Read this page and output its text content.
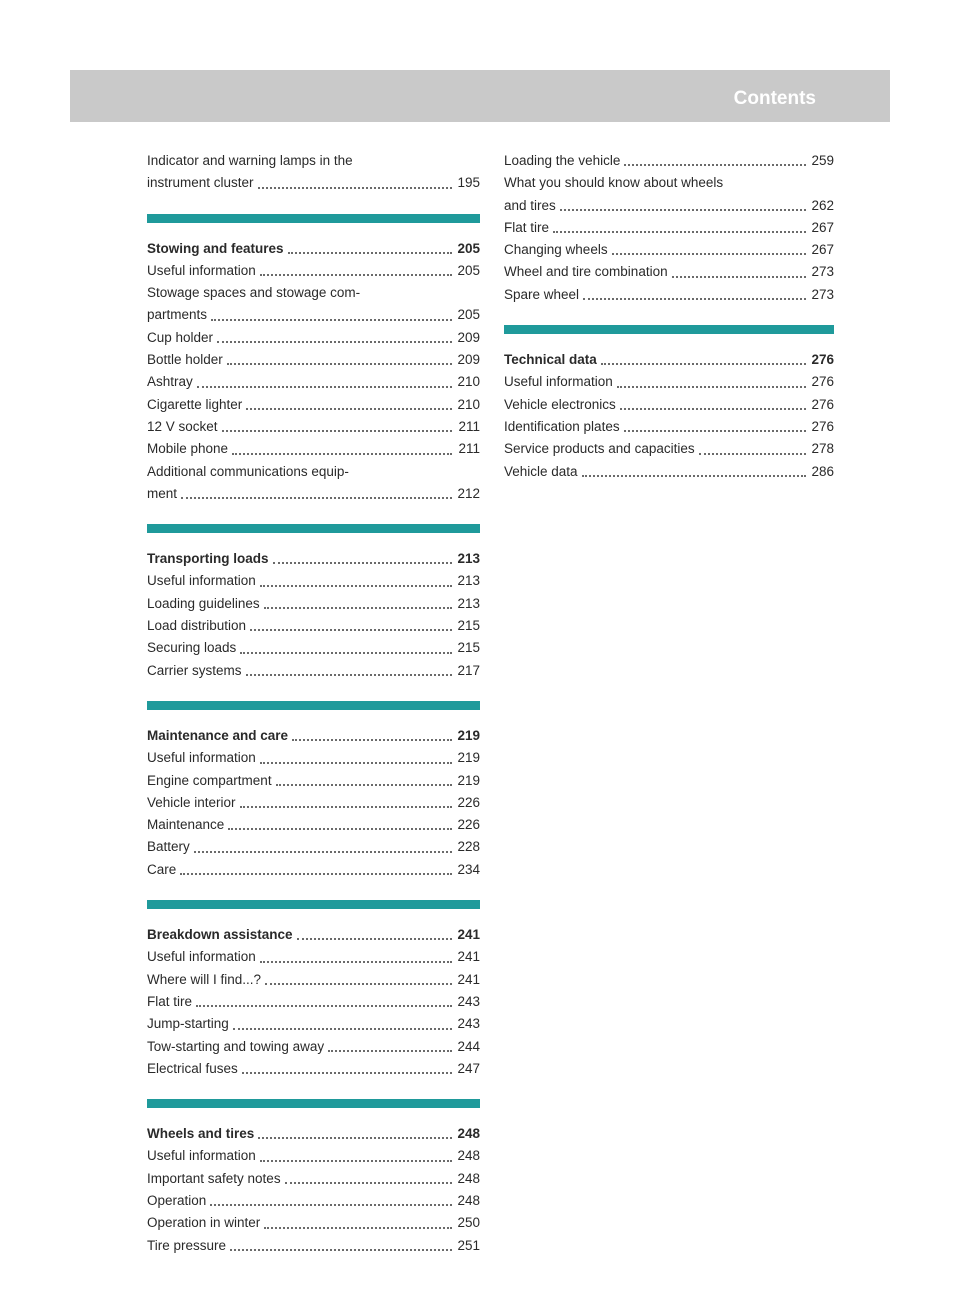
Contents	3
Indicator and warning lamps in the
instrument cluster	195
Stowing and features	205
Useful information	205
Stowage spaces and stowage com-
partments	205
Cup holder	209
Bottle holder	209
Ashtray	210
Cigarette lighter	210
12 V socket	211
Mobile phone	211
Additional communications equip-
ment	212
Transporting loads	213
Useful information	213
Loading guidelines	213
Load distribution	215
Securing loads	215
Carrier systems	217
Maintenance and care	219
Useful information	219
Engine compartment	219
Vehicle interior	226
Maintenance	226
Battery	228
Care	234
Breakdown assistance	241
Useful information	241
Where will I find...?	241
Flat tire	243
Jump-starting	243
Tow-starting and towing away	244
Electrical fuses	247
Wheels and tires	248
Useful information	248
Important safety notes	248
Operation	248
Operation in winter	250
Tire pressure	251
Loading the vehicle	259
What you should know about wheels
and tires	262
Flat tire	267
Changing wheels	267
Wheel and tire combination	273
Spare wheel	273
Technical data	276
Useful information	276
Vehicle electronics	276
Identification plates	276
Service products and capacities	278
Vehicle data	286
